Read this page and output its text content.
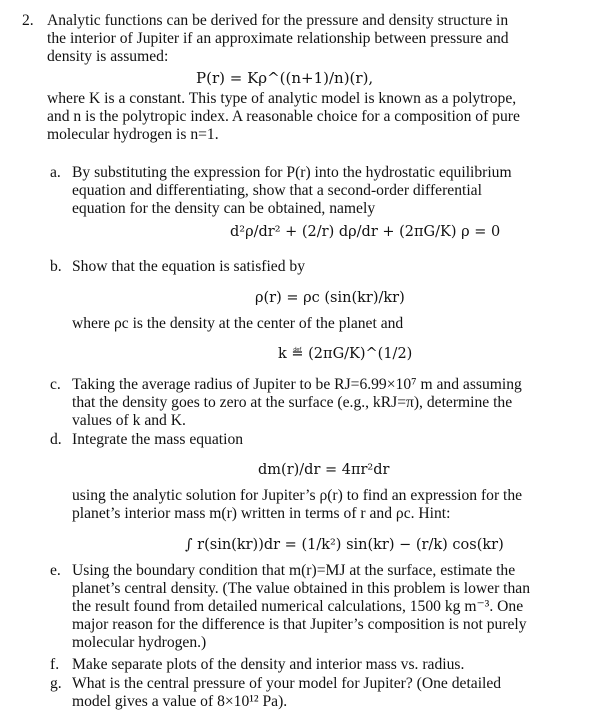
2. Analytic functions can be derived for the pressure and density structure in
the interior of Jupiter if an approximate relationship between pressure and
density is assumed:
P(r) = Kρ^((n+1)/n)(r),
where K is a constant. This type of analytic model is known as a polytrope,
and n is the polytropic index. A reasonable choice for a composition of pure
molecular hydrogen is n=1.
a. By substituting the expression for P(r) into the hydrostatic equilibrium
equation and differentiating, show that a second-order differential
equation for the density can be obtained, namely
d²ρ/dr² + (2/r) dρ/dr + (2πG/K) ρ = 0
b. Show that the equation is satisfied by
ρ(r) = ρc (sin(kr)/kr)
where ρc is the density at the center of the planet and
k ≝ (2πG/K)^(1/2)
c. Taking the average radius of Jupiter to be RJ=6.99×10⁷ m and assuming
that the density goes to zero at the surface (e.g., kRJ=π), determine the
values of k and K.
d. Integrate the mass equation
dm(r)/dr = 4πr²dr
using the analytic solution for Jupiter’s ρ(r) to find an expression for the
planet’s interior mass m(r) written in terms of r and ρc. Hint:
∫ r(sin(kr))dr = (1/k²) sin(kr) − (r/k) cos(kr)
e. Using the boundary condition that m(r)=MJ at the surface, estimate the
planet’s central density. (The value obtained in this problem is lower than
the result found from detailed numerical calculations, 1500 kg m⁻³. One
major reason for the difference is that Jupiter’s composition is not purely
molecular hydrogen.)
f. Make separate plots of the density and interior mass vs. radius.
g. What is the central pressure of your model for Jupiter? (One detailed
model gives a value of 8×10¹² Pa).
